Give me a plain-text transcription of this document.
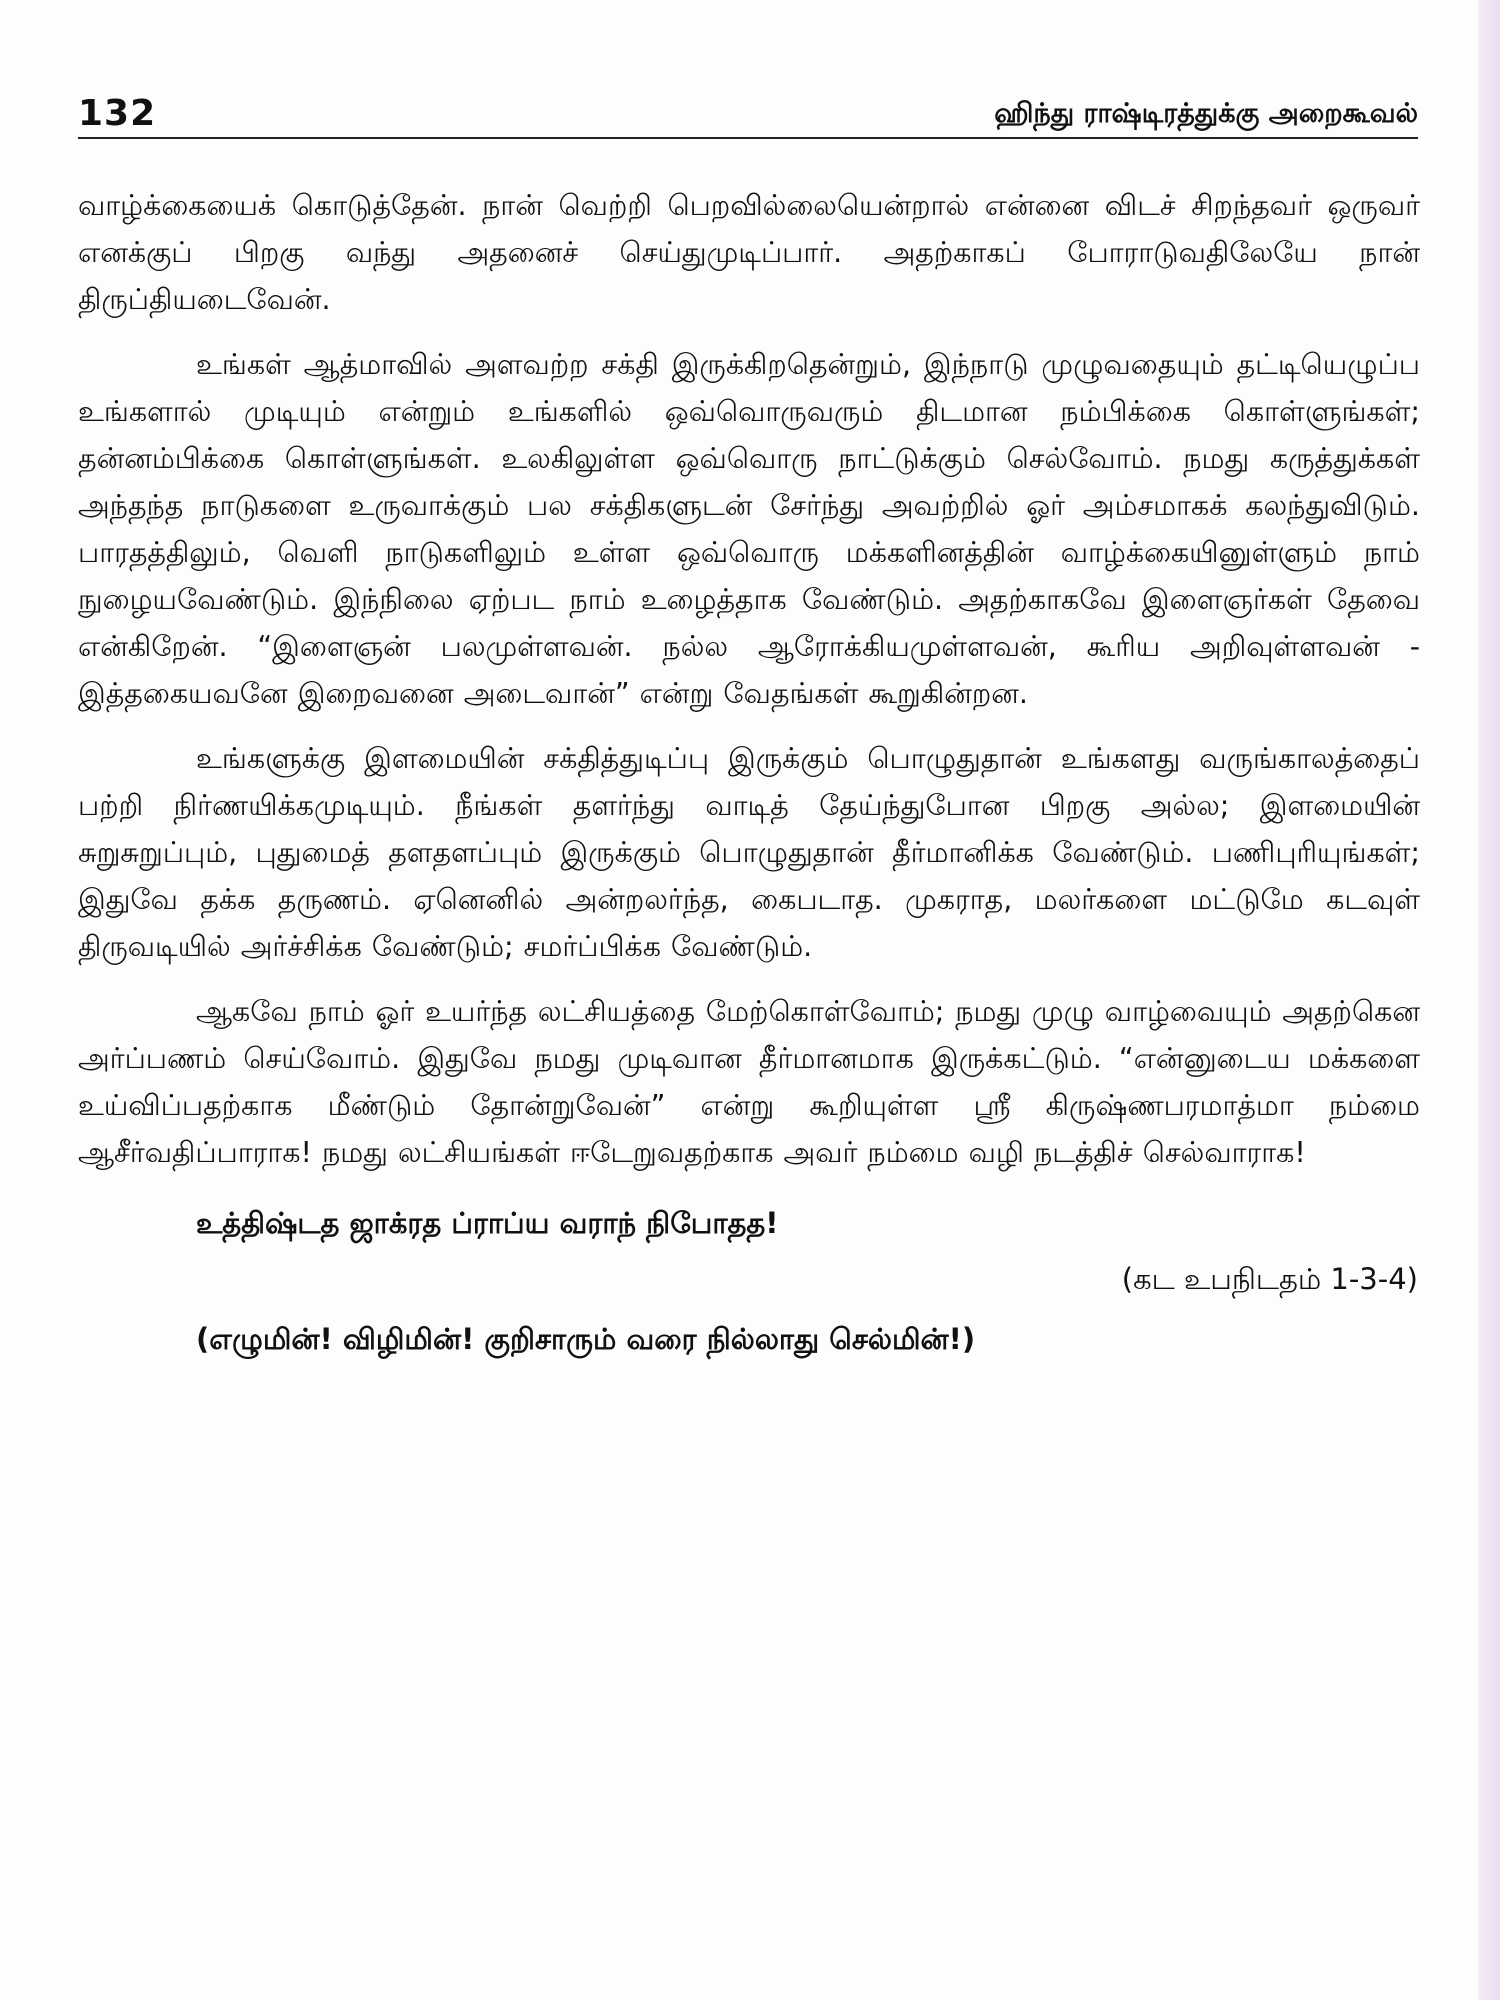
132	ஹிந்து ராஷ்டிரத்துக்கு அறைகூவல்

வாழ்க்கையைக் கொடுத்தேன். நான் வெற்றி பெறவில்லையென்றால் என்னை விடச் சிறந்தவர் ஒருவர் எனக்குப் பிறகு வந்து அதனைச் செய்துமுடிப்பார். அதற்காகப் போராடுவதிலேயே நான் திருப்தியடைவேன்.

உங்கள் ஆத்மாவில் அளவற்ற சக்தி இருக்கிறதென்றும், இந்நாடு முழுவதையும் தட்டியெழுப்ப உங்களால் முடியும் என்றும் உங்களில் ஒவ்வொருவரும் திடமான நம்பிக்கை கொள்ளுங்கள்; தன்னம்பிக்கை கொள்ளுங்கள். உலகிலுள்ள ஒவ்வொரு நாட்டுக்கும் செல்வோம். நமது கருத்துக்கள் அந்தந்த நாடுகளை உருவாக்கும் பல சக்திகளுடன் சேர்ந்து அவற்றில் ஓர் அம்சமாகக் கலந்துவிடும். பாரதத்திலும், வெளி நாடுகளிலும் உள்ள ஒவ்வொரு மக்களினத்தின் வாழ்க்கையினுள்ளும் நாம் நுழையவேண்டும். இந்நிலை ஏற்பட நாம் உழைத்தாக வேண்டும். அதற்காகவே இளைஞர்கள் தேவை என்கிறேன். “இளைஞன் பலமுள்ளவன். நல்ல ஆரோக்கியமுள்ளவன், கூரிய அறிவுள்ளவன் - இத்தகையவனே இறைவனை அடைவான்” என்று வேதங்கள் கூறுகின்றன.

உங்களுக்கு இளமையின் சக்தித்துடிப்பு இருக்கும் பொழுதுதான் உங்களது வருங்காலத்தைப் பற்றி நிர்ணயிக்கமுடியும். நீங்கள் தளர்ந்து வாடித் தேய்ந்துபோன பிறகு அல்ல; இளமையின் சுறுசுறுப்பும், புதுமைத் தளதளப்பும் இருக்கும் பொழுதுதான் தீர்மானிக்க வேண்டும். பணிபுரியுங்கள்; இதுவே தக்க தருணம். ஏனெனில் அன்றலர்ந்த, கைபடாத. முகராத, மலர்களை மட்டுமே கடவுள் திருவடியில் அர்ச்சிக்க வேண்டும்; சமர்ப்பிக்க வேண்டும்.

ஆகவே நாம் ஓர் உயர்ந்த லட்சியத்தை மேற்கொள்வோம்; நமது முழு வாழ்வையும் அதற்கென அர்ப்பணம் செய்வோம். இதுவே நமது முடிவான தீர்மானமாக இருக்கட்டும். “என்னுடைய மக்களை உய்விப்பதற்காக மீண்டும் தோன்றுவேன்” என்று கூறியுள்ள ஸ்ரீ கிருஷ்ணபரமாத்மா நம்மை ஆசீர்வதிப்பாராக! நமது லட்சியங்கள் ஈடேறுவதற்காக அவர் நம்மை வழி நடத்திச் செல்வாராக!

உத்திஷ்டத ஜாக்ரத ப்ராப்ய வராந் நிபோதத!
(கட உபநிடதம் 1-3-4)
(எழுமின்! விழிமின்! குறிசாரும் வரை நில்லாது செல்மின்!)
